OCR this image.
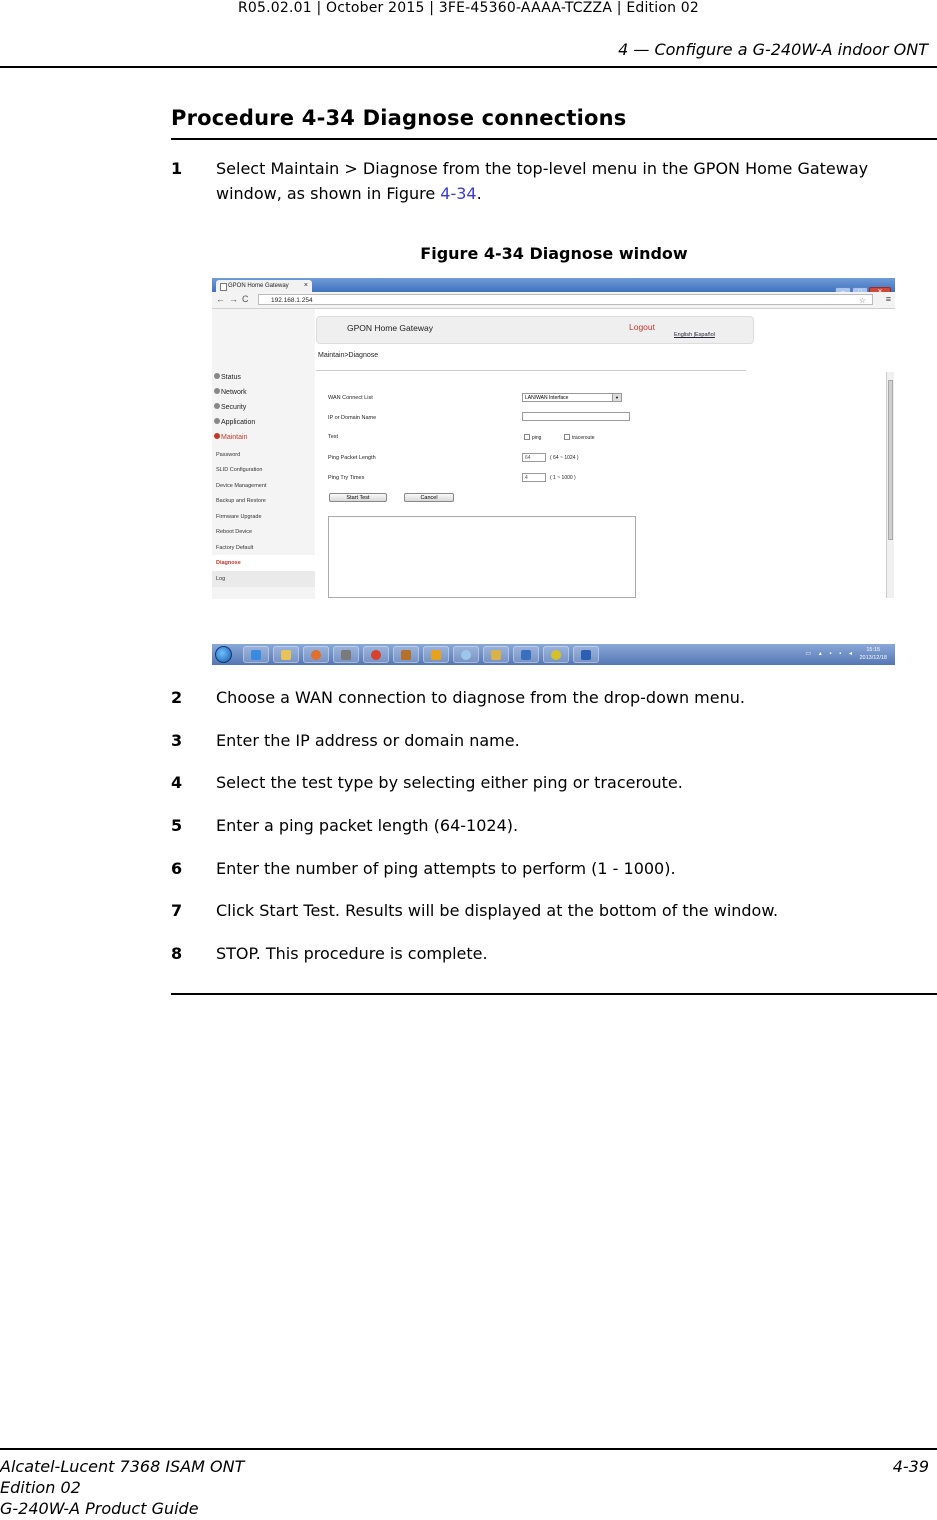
R05.02.01 | October 2015 | 3FE-45360-AAAA-TCZZA | Edition 02
4 — Configure a G-240W-A indoor ONT
Procedure 4-34 Diagnose connections
1 Select Maintain > Diagnose from the top-level menu in the GPON Home Gateway window, as shown in Figure 4-34.
Figure 4-34 Diagnose window
GPON Home Gateway ×
←→C	192.168.1.254	☆ ≡
GPON Home Gateway	Logout
English |Español
Maintain>Diagnose
Status
Network
Security
Application
Maintain
Password
SLID Configuration
Device Management
Backup and Restore
Firmware Upgrade
Reboot Device
Factory Default
Diagnose
Log
WAN Connect List	LAN/WAN Interface	▼
IP or Domain Name
Test	ping	traceroute
Ping Packet Length	64	( 64 ~ 1024 )
Ping Try Times	4	( 1 ~ 1000 )
Start Test	Cancel
▭ ▴ ▪ ▪ ◂
15:15
2013/12/18
2 Choose a WAN connection to diagnose from the drop-down menu.
3 Enter the IP address or domain name.
4 Select the test type by selecting either ping or traceroute.
5 Enter a ping packet length (64-1024).
6 Enter the number of ping attempts to perform (1 - 1000).
7 Click Start Test. Results will be displayed at the bottom of the window.
8 STOP. This procedure is complete.
Alcatel-Lucent 7368 ISAM ONT
Edition 02
G-240W-A Product Guide
4-39
